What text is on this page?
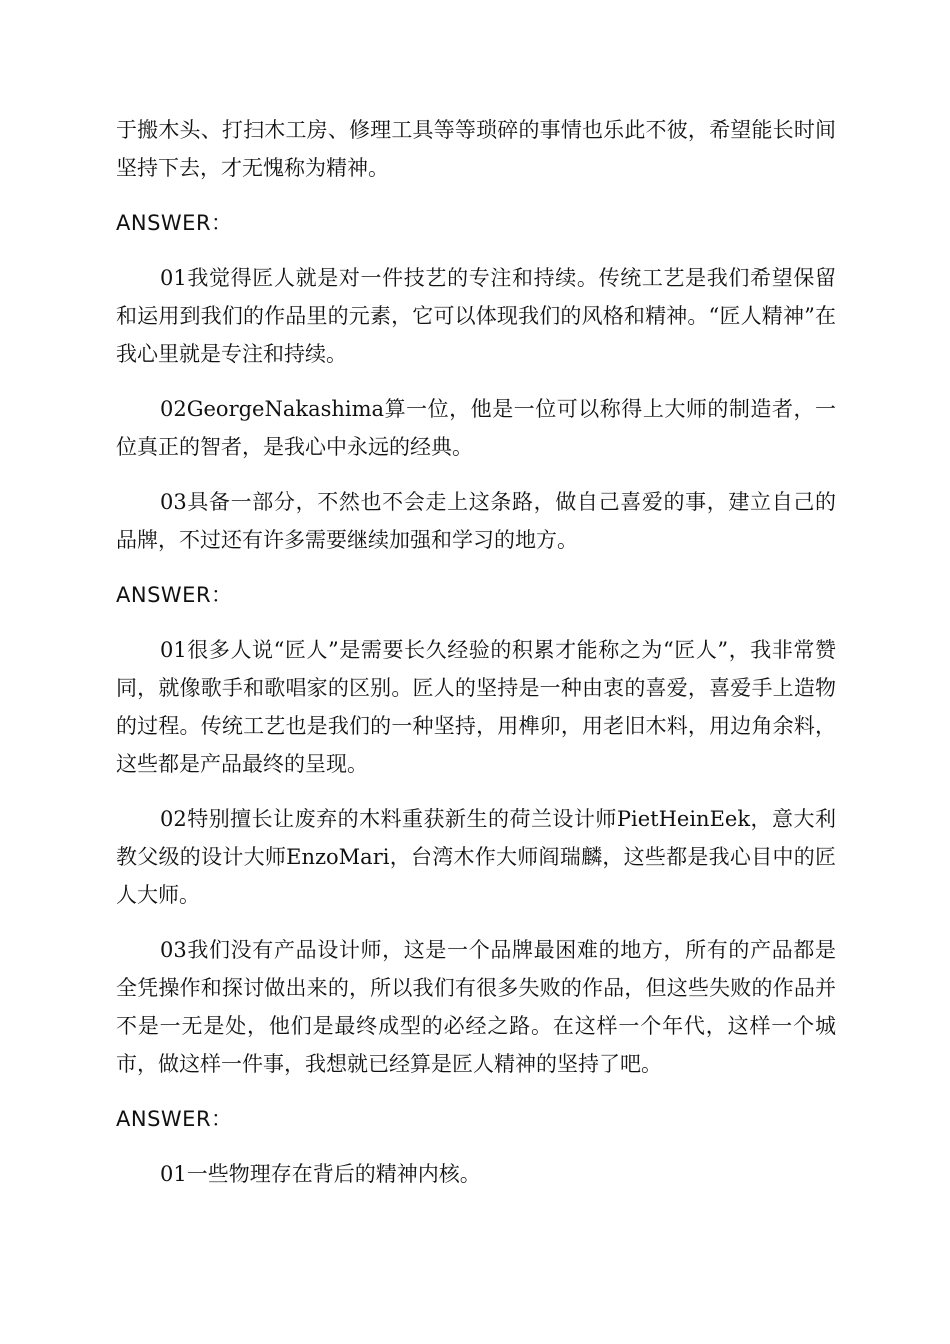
于搬木头、打扫木工房、修理工具等等琐碎的事情也乐此不彼，希望能长时间坚持下去，才无愧称为精神。

ANSWER：

01我觉得匠人就是对一件技艺的专注和持续。传统工艺是我们希望保留和运用到我们的作品里的元素，它可以体现我们的风格和精神。“匠人精神”在我心里就是专注和持续。

02GeorgeNakashima算一位，他是一位可以称得上大师的制造者，一位真正的智者，是我心中永远的经典。

03具备一部分，不然也不会走上这条路，做自己喜爱的事，建立自己的品牌，不过还有许多需要继续加强和学习的地方。

ANSWER：

01很多人说“匠人”是需要长久经验的积累才能称之为“匠人”，我非常赞同，就像歌手和歌唱家的区别。匠人的坚持是一种由衷的喜爱，喜爱手上造物的过程。传统工艺也是我们的一种坚持，用榫卯，用老旧木料，用边角余料，这些都是产品最终的呈现。

02特别擅长让废弃的木料重获新生的荷兰设计师PietHeinEek，意大利教父级的设计大师EnzoMari，台湾木作大师阎瑞麟，这些都是我心目中的匠人大师。

03我们没有产品设计师，这是一个品牌最困难的地方，所有的产品都是全凭操作和探讨做出来的，所以我们有很多失败的作品，但这些失败的作品并不是一无是处，他们是最终成型的必经之路。在这样一个年代，这样一个城市，做这样一件事，我想就已经算是匠人精神的坚持了吧。

ANSWER：

01一些物理存在背后的精神内核。
